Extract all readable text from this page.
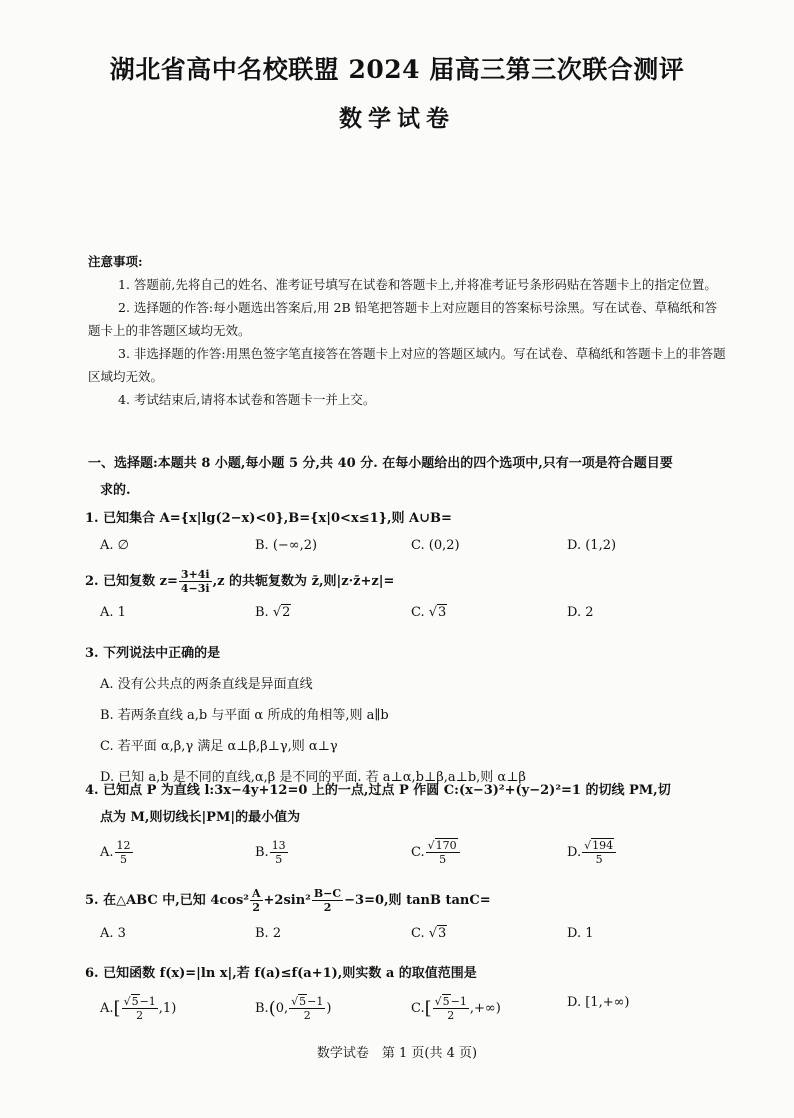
湖北省高中名校联盟 2024 届高三第三次联合测评
数学试卷
注意事项:
1. 答题前,先将自己的姓名、准考证号填写在试卷和答题卡上,并将准考证号条形码贴在答题卡上的指定位置。
2. 选择题的作答:每小题选出答案后,用 2B 铅笔把答题卡上对应题目的答案标号涂黑。写在试卷、草稿纸和答题卡上的非答题区域均无效。
3. 非选择题的作答:用黑色签字笔直接答在答题卡上对应的答题区域内。写在试卷、草稿纸和答题卡上的非答题区域均无效。
4. 考试结束后,请将本试卷和答题卡一并上交。
一、选择题:本题共 8 小题,每小题 5 分,共 40 分. 在每小题给出的四个选项中,只有一项是符合题目要
求的.
1. 已知集合 A={x|lg(2−x)<0},B={x|0<x≤1},则 A∪B=
A. ∅	B. (−∞,2)	C. (0,2)	D. (1,2)
2. 已知复数 $z= \frac{3+4i}{4-3i} ,z$ 的共轭复数为 z̄,则|z·z̄+z|=
A. 1	B. √2	C. √3	D. 2
3. 下列说法中正确的是
A. 没有公共点的两条直线是异面直线
B. 若两条直线 a,b 与平面 α 所成的角相等,则 a∥b
C. 若平面 α,β,γ 满足 α⊥β,β⊥γ,则 α⊥γ
D. 已知 a,b 是不同的直线,α,β 是不同的平面. 若 a⊥α,b⊥β,a⊥b,则 α⊥β
4. 已知点 P 为直线 l:3x−4y+12=0 上的一点,过点 P 作圆 C:(x−3)²+(y−2)²=1 的切线 PM,切
点为 M,则切线长|PM|的最小值为
A. $\frac{12}{5}$	B. $\frac{13}{5}$	C. $\frac{√170}{5}$	D. $\frac{√194}{5}$
5. 在△ABC 中,已知 $4\cos^2 \frac{A}{2} +2\sin^2 \frac{B-C}{2} -3=0$,则 tanB tanC=
A. 3	B. 2	C. √3	D. 1
6. 已知函数 f(x)=|ln x|,若 f(a)≤f(a+1),则实数 a 的取值范围是
$A.[ \frac{√5-1}{2} ,1)$	B.(0, $\frac{√5-1}{2}$ )	$C.[ \frac{√5-1}{2}$ ,+∞)	D. [1,+∞)
数学试卷　第 1 页(共 4 页)
